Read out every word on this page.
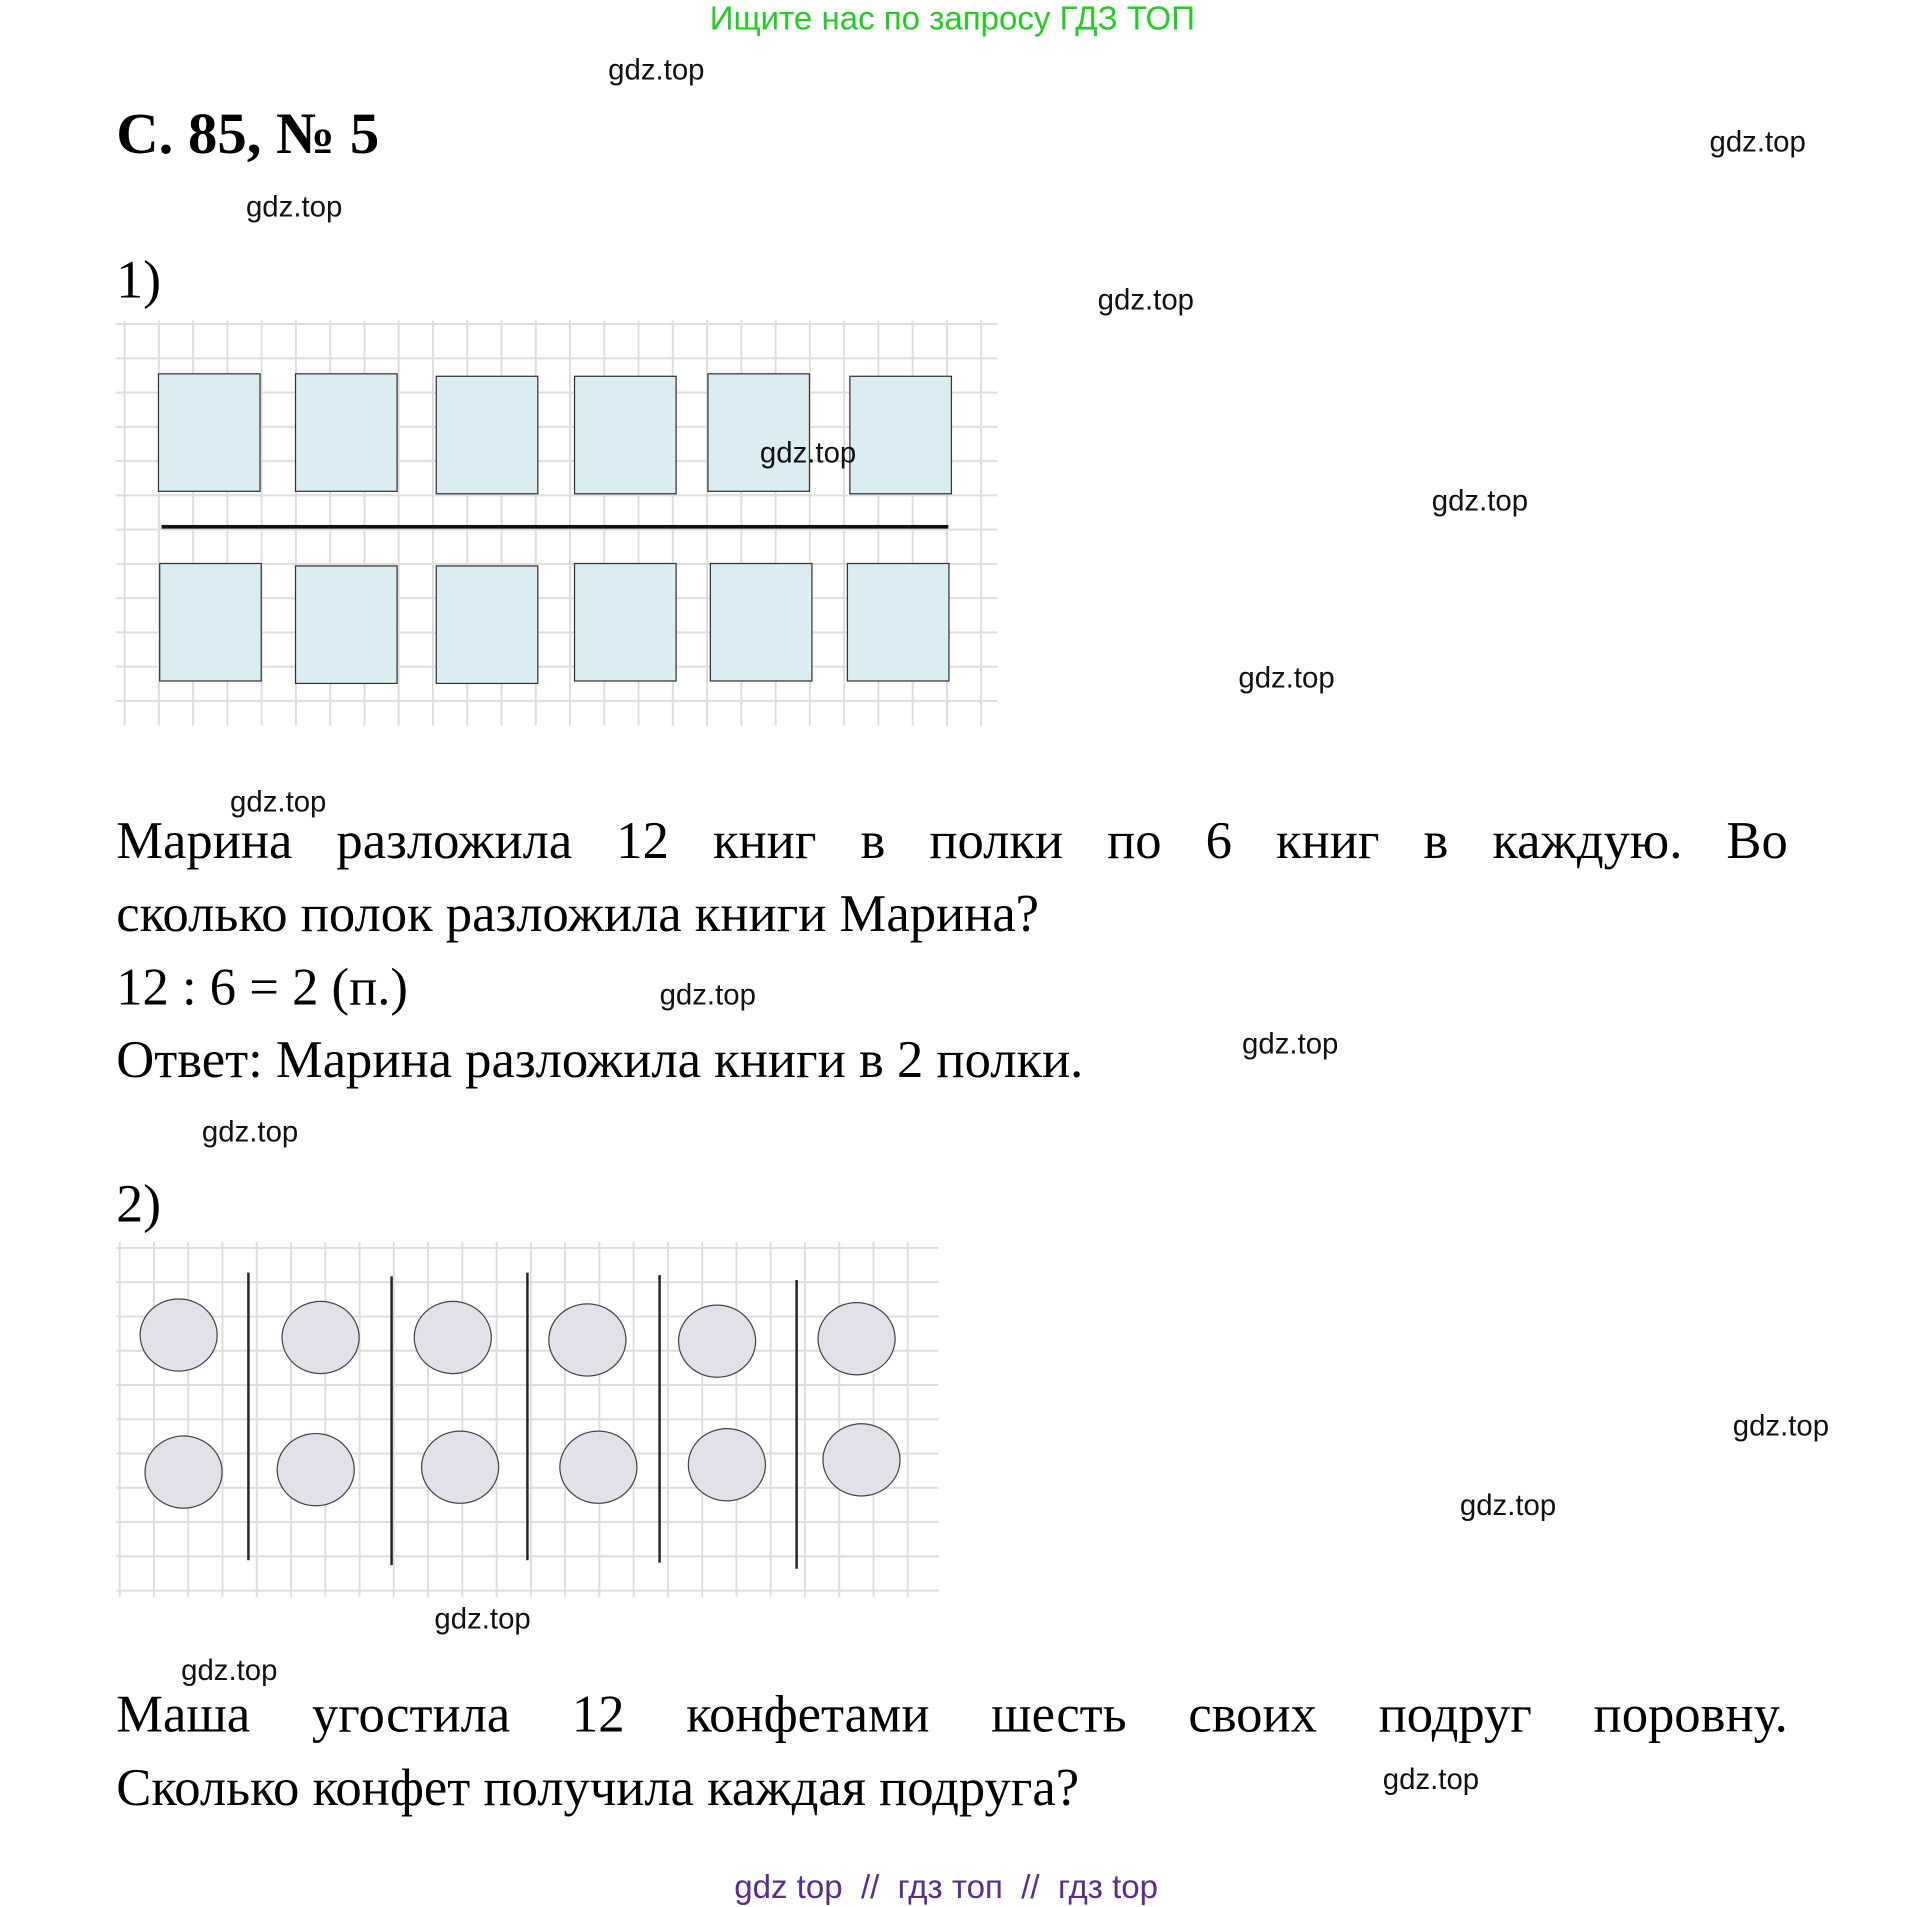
Ищите нас по запросу ГДЗ ТОП
С. 85, № 5
1)
Марина разложила 12 книг в полки по 6 книг в каждую. Во
сколько полок разложила книги Марина?
12 : 6 = 2 (п.)
Ответ: Марина разложила книги в 2 полки.
2)
Маша угостила 12 конфетами шесть своих подруг поровну.
Сколько конфет получила каждая подруга?
gdz.top
gdz.top
gdz.top
gdz.top
gdz.top
gdz.top
gdz.top
gdz.top
gdz.top
gdz.top
gdz.top
gdz.top
gdz.top
gdz.top
gdz.top
gdz.top
gdz top  //  гдз топ  //  гдз top
